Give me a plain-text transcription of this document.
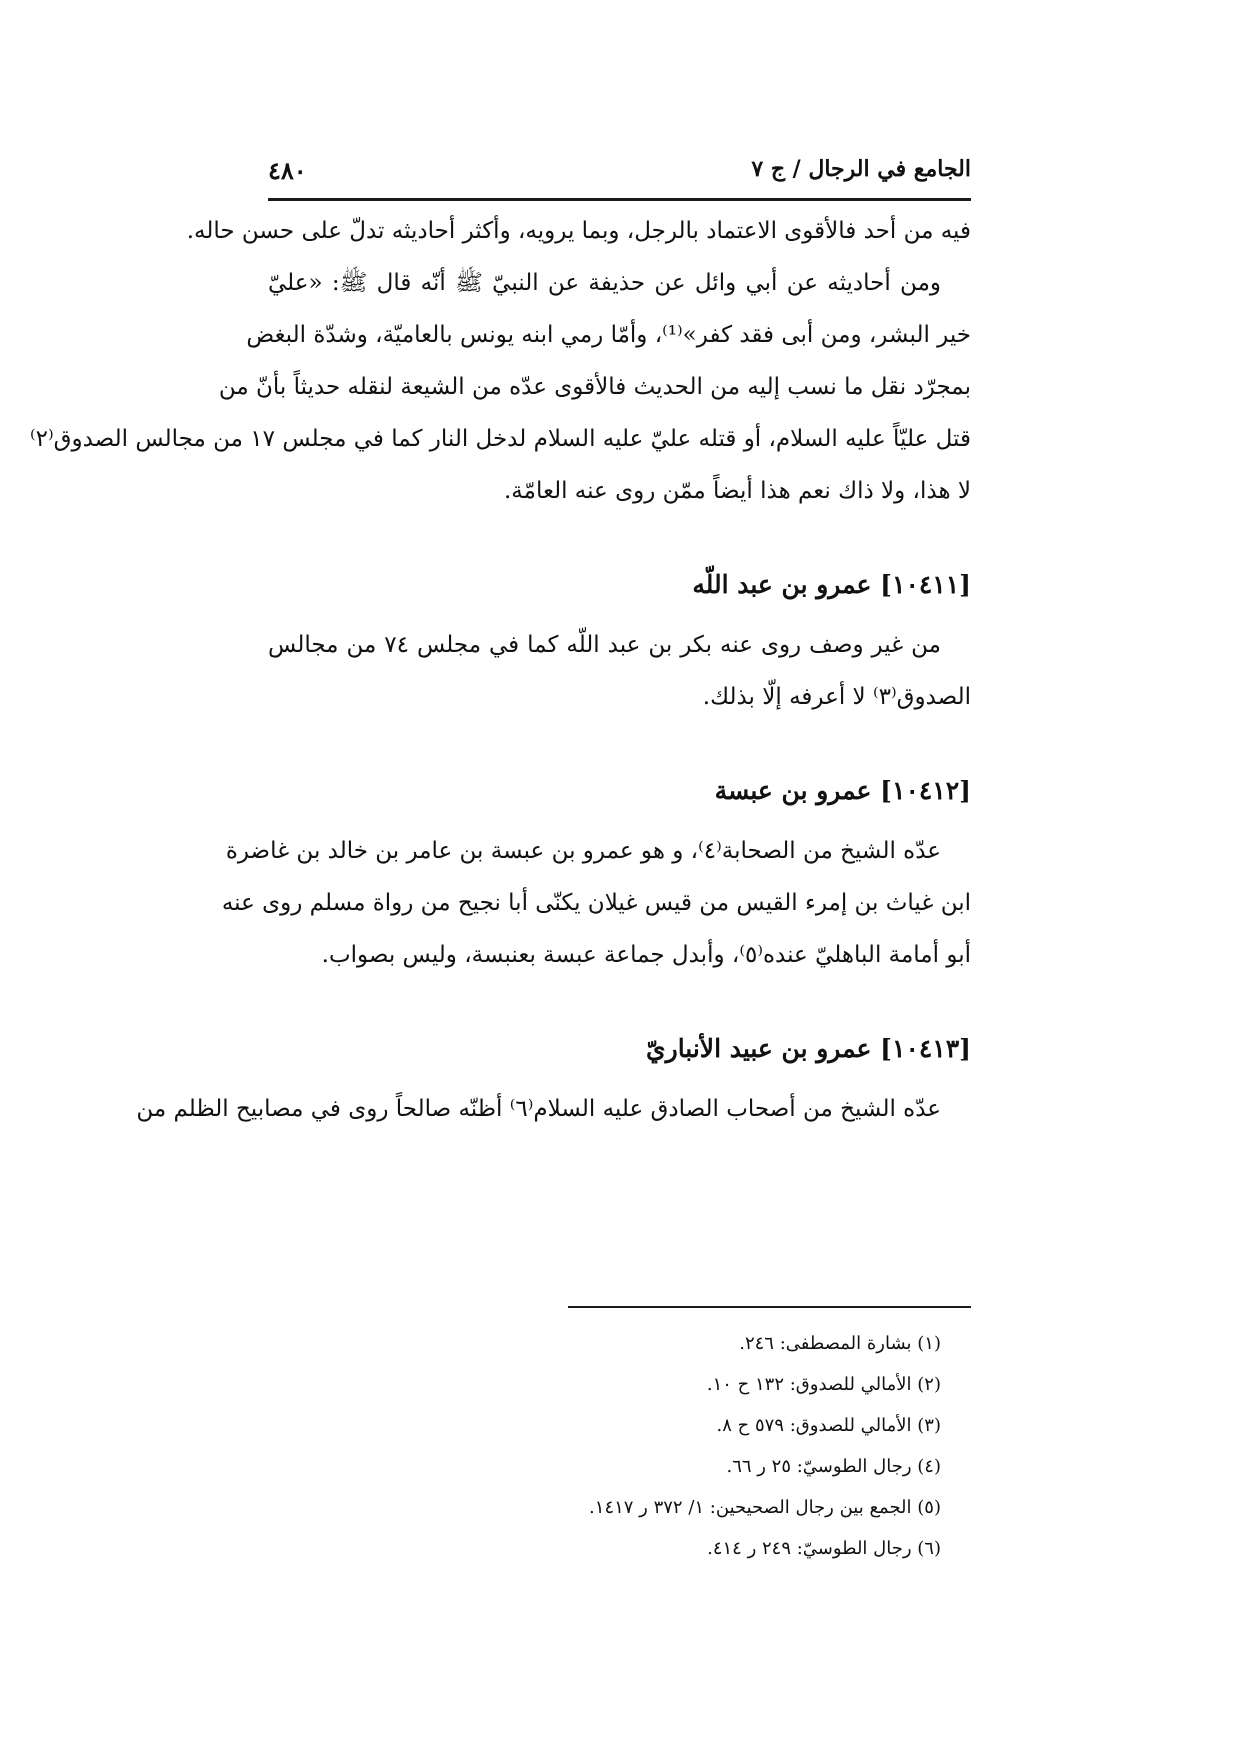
الجامع في الرجال / ج ٧
٤٨٠
فيه من أحد فالأقوى الاعتماد بالرجل، وبما يرويه، وأكثر أحاديثه تدلّ على حسن حاله.
ومن أحاديثه عن أبي وائل عن حذيفة عن النبيّ ﷺ أنّه قال ﷺ: «عليّ
خير البشر، ومن أبى فقد كفر»⁽¹⁾، وأمّا رمي ابنه يونس بالعاميّة، وشدّة البغض
بمجرّد نقل ما نسب إليه من الحديث فالأقوى عدّه من الشيعة لنقله حديثاً بأنّ من
قتل عليّاً عليه السلام، أو قتله عليّ عليه السلام لدخل النار كما في مجلس ١٧ من مجالس الصدوق⁽٢⁾
لا هذا، ولا ذاك نعم هذا أيضاً ممّن روى عنه العامّة.
[١٠٤١١] عمرو بن عبد اللّه
من غير وصف روى عنه بكر بن عبد اللّه كما في مجلس ٧٤ من مجالس
الصدوق⁽٣⁾ لا أعرفه إلّا بذلك.
[١٠٤١٢] عمرو بن عبسة
عدّه الشيخ من الصحابة⁽٤⁾، و هو عمرو بن عبسة بن عامر بن خالد بن غاضرة
ابن غياث بن إمرء القيس من قيس غيلان يكنّى أبا نجيح من رواة مسلم روى عنه
أبو أمامة الباهليّ عنده⁽٥⁾، وأبدل جماعة عبسة بعنبسة، وليس بصواب.
[١٠٤١٣] عمرو بن عبيد الأنباريّ
عدّه الشيخ من أصحاب الصادق عليه السلام⁽٦⁾ أظنّه صالحاً روى في مصابيح الظلم من
(١) بشارة المصطفى: ٢٤٦.
(٢) الأمالي للصدوق: ١٣٢ ح ١٠.
(٣) الأمالي للصدوق: ٥٧٩ ح ٨.
(٤) رجال الطوسيّ: ٢٥ ر ٦٦.
(٥) الجمع بين رجال الصحيحين: ١/ ٣٧٢ ر ١٤١٧.
(٦) رجال الطوسيّ: ٢٤٩ ر ٤١٤.
